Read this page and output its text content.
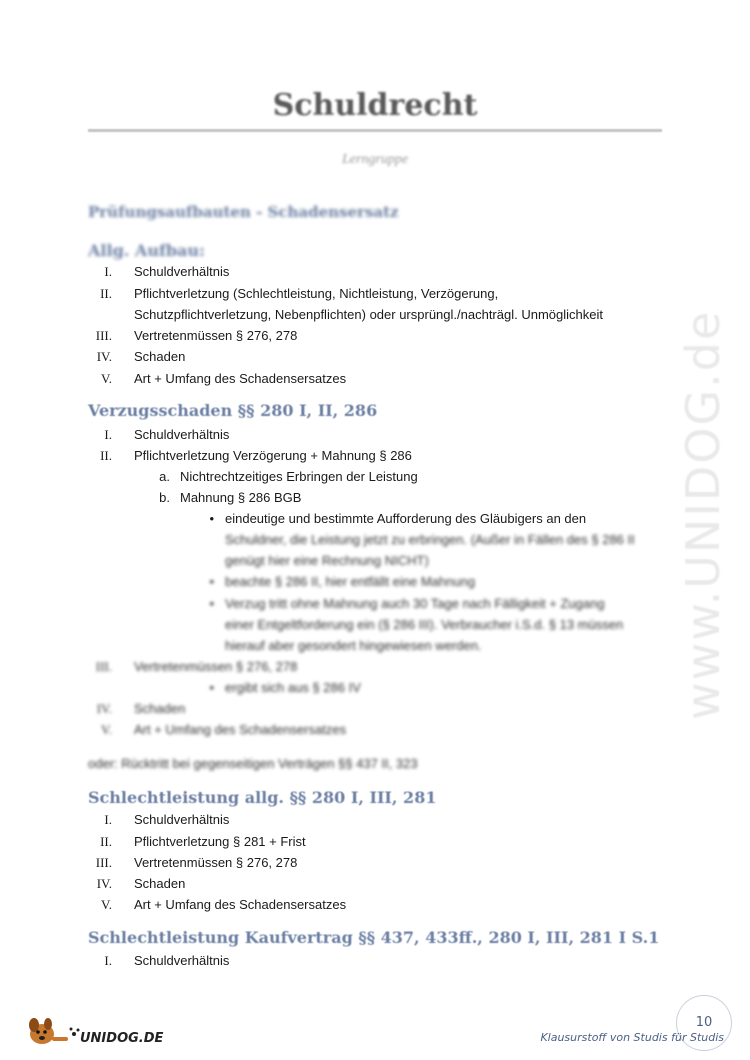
www.UNIDOG.de
Schuldrecht
Lerngruppe
Prüfungsaufbauten - Schadensersatz
Allg. Aufbau:
I. Schuldverhältnis
II. Pflichtverletzung (Schlechtleistung, Nichtleistung, Verzögerung,
Schutzpflichtverletzung, Nebenpflichten) oder ursprüngl./nachträgl. Unmöglichkeit
III. Vertretenmüssen § 276, 278
IV. Schaden
V. Art + Umfang des Schadensersatzes
Verzugsschaden §§ 280 I, II, 286
I. Schuldverhältnis
II. Pflichtverletzung Verzögerung + Mahnung § 286
a. Nichtrechtzeitiges Erbringen der Leistung
b. Mahnung § 286 BGB
• eindeutige und bestimmte Aufforderung des Gläubigers an den
Schuldner, die Leistung jetzt zu erbringen. (Außer in Fällen des § 286 II
genügt hier eine Rechnung NICHT)
• beachte § 286 II, hier entfällt eine Mahnung
• Verzug tritt ohne Mahnung auch 30 Tage nach Fälligkeit + Zugang
einer Entgeltforderung ein (§ 286 III). Verbraucher i.S.d. § 13 müssen
hierauf aber gesondert hingewiesen werden.
III. Vertretenmüssen § 276, 278
• ergibt sich aus § 286 IV
IV. Schaden
V. Art + Umfang des Schadensersatzes
oder: Rücktritt bei gegenseitigen Verträgen §§ 437 II, 323
Schlechtleistung allg. §§ 280 I, III, 281
I. Schuldverhältnis
II. Pflichtverletzung § 281 + Frist
III. Vertretenmüssen § 276, 278
IV. Schaden
V. Art + Umfang des Schadensersatzes
Schlechtleistung Kaufvertrag §§ 437, 433ff., 280 I, III, 281 I S.1
I. Schuldverhältnis
UNIDOG.DE
10
Klausurstoff von Studis für Studis
